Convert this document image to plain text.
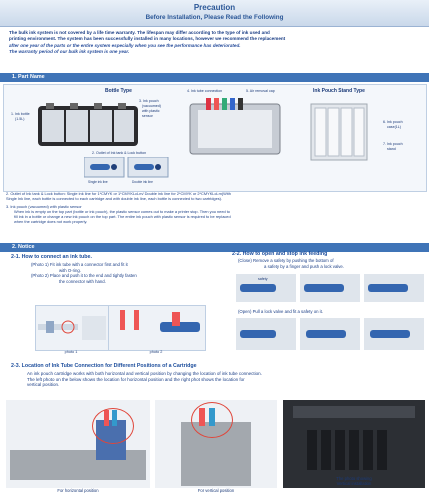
Precaution
Before Installation, Please Read the Following
The bulk ink system is not covered by a life time warranty. The lifespan may differ according to the type of ink used and
printing environment. The system has been successfully installed in many locations, however we recommend the replacement
after one year of the parts or the entire system especially when you see the performance has deteriorated.
The warranty period of our bulk ink system is one year.
1. Part Name
Bottle Type	Ink Pouch Stand Type
1. Ink bottle
(1.5L)
3. Ink pouch
(vacuumed)
with plastic
sensor
4. Ink tube connection	5. Air removal cap
6. Ink pouch
case(1L)
7. Ink pouch
stand
2. Outlet of Ink tank & Lock button
Single ink line	Double ink line
2. Outlet of Ink tank & Lock button: Single ink line for 1*CMYK or 1*CMYKLcLm/ Double ink line for 2*CMYK or 2*CMYKLcLm(With
Single Ink line, each bottle is connected to each cartridge and with double ink line, each bottle is connected to two cartridges).
3. Ink pouch (vacuumed) with plastic sensor
When ink is empty on the top part (bottle or ink pouch), the plastic sensor comes out to make a printer stop. Then you need to
fill ink in a bottle or change a new ink pouch on the top part. The entire ink pouch with plastic sensor is required to be replaced
when the cartridge does not work properly.
2. Notice
2-1. How to connect an ink tube.
(Photo 1) Fit ink tube with a connector first and fit it
with O-ring.
(Photo 2) Place and push it to the end and tightly fasten
the connector with hand.
photo 1	photo 2
2-2. How to open and stop ink feeding
(Close) Remove a safety by pushing the bottom of
a safety by a finger and push a lock valve.
safety
(Open) Pull a lock valve and fit a safety on it.
2-3. Location of Ink Tube Connection for Different Positions of a Cartridge
An ink pouch cartridge works with both horizontal and vertical position by changing the location of ink tube connection.
The left photo on the below shows the location for horizontal position and the right phot shows the location for
vertical position.
For horizontal position	For vertical position
The photo showing
Vertical installation
